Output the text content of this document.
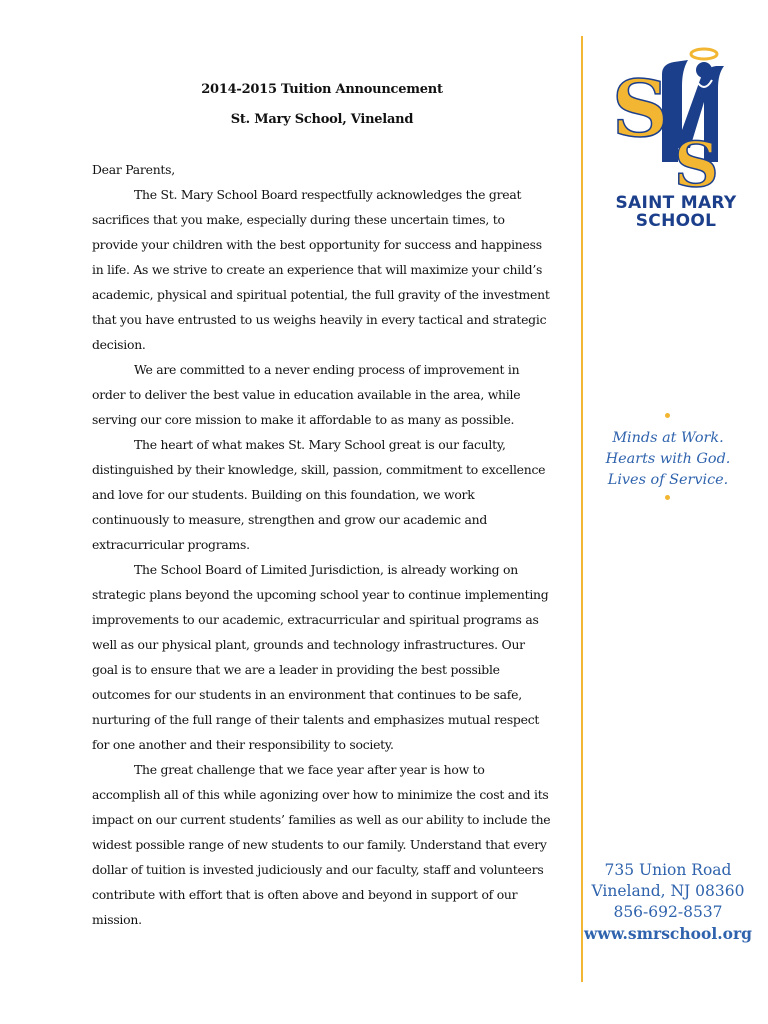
2014-2015 Tuition Announcement
St. Mary School, Vineland
Dear Parents,

The St. Mary School Board respectfully acknowledges the great sacrifices that you make, especially during these uncertain times, to provide your children with the best opportunity for success and happiness in life. As we strive to create an experience that will maximize your child’s academic, physical and spiritual potential, the full gravity of the investment that you have entrusted to us weighs heavily in every tactical and strategic decision.

We are committed to a never ending process of improvement in order to deliver the best value in education available in the area, while serving our core mission to make it affordable to as many as possible.

The heart of what makes St. Mary School great is our faculty, distinguished by their knowledge, skill, passion, commitment to excellence and love for our students. Building on this foundation, we work continuously to measure, strengthen and grow our academic and extracurricular programs.

The School Board of Limited Jurisdiction, is already working on strategic plans beyond the upcoming school year to continue implementing improvements to our academic, extracurricular and spiritual programs as well as our physical plant, grounds and technology infrastructures. Our goal is to ensure that we are a leader in providing the best possible outcomes for our students in an environment that continues to be safe, nurturing of the full range of their talents and emphasizes mutual respect for one another and their responsibility to society.

The great challenge that we face year after year is how to accomplish all of this while agonizing over how to minimize the cost and its impact on our current students’ families as well as our ability to include the widest possible range of new students to our family. Understand that every dollar of tuition is invested judiciously and our faculty, staff and volunteers contribute with effort that is often above and beyond in support of our mission.

S
S
SAINT MARY
SCHOOL
Minds at Work.
Hearts with God.
Lives of Service.
735 Union Road
Vineland, NJ 08360
856-692-8537
www.smrschool.org
